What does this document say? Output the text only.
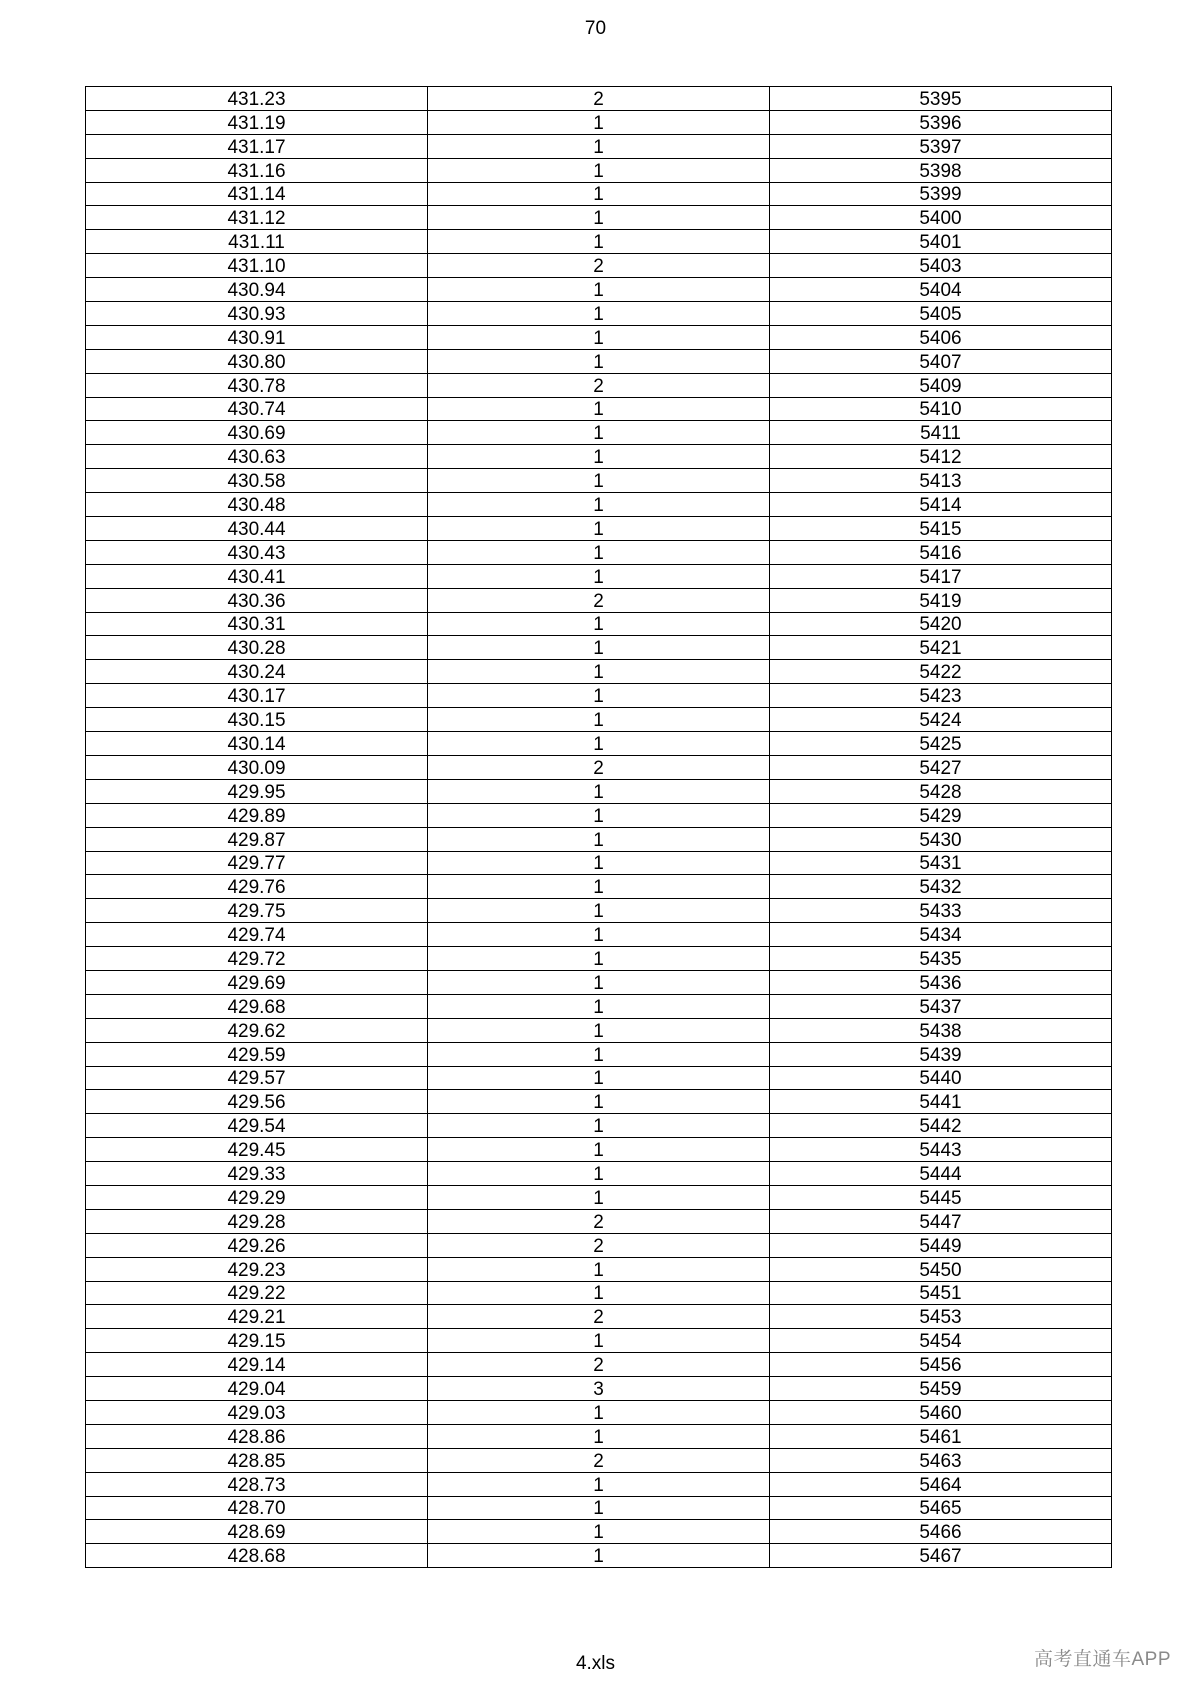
70
431.23	2	5395
431.19	1	5396
431.17	1	5397
431.16	1	5398
431.14	1	5399
431.12	1	5400
431.11	1	5401
431.10	2	5403
430.94	1	5404
430.93	1	5405
430.91	1	5406
430.80	1	5407
430.78	2	5409
430.74	1	5410
430.69	1	5411
430.63	1	5412
430.58	1	5413
430.48	1	5414
430.44	1	5415
430.43	1	5416
430.41	1	5417
430.36	2	5419
430.31	1	5420
430.28	1	5421
430.24	1	5422
430.17	1	5423
430.15	1	5424
430.14	1	5425
430.09	2	5427
429.95	1	5428
429.89	1	5429
429.87	1	5430
429.77	1	5431
429.76	1	5432
429.75	1	5433
429.74	1	5434
429.72	1	5435
429.69	1	5436
429.68	1	5437
429.62	1	5438
429.59	1	5439
429.57	1	5440
429.56	1	5441
429.54	1	5442
429.45	1	5443
429.33	1	5444
429.29	1	5445
429.28	2	5447
429.26	2	5449
429.23	1	5450
429.22	1	5451
429.21	2	5453
429.15	1	5454
429.14	2	5456
429.04	3	5459
429.03	1	5460
428.86	1	5461
428.85	2	5463
428.73	1	5464
428.70	1	5465
428.69	1	5466
428.68	1	5467
4.xls	高考直通车APP
